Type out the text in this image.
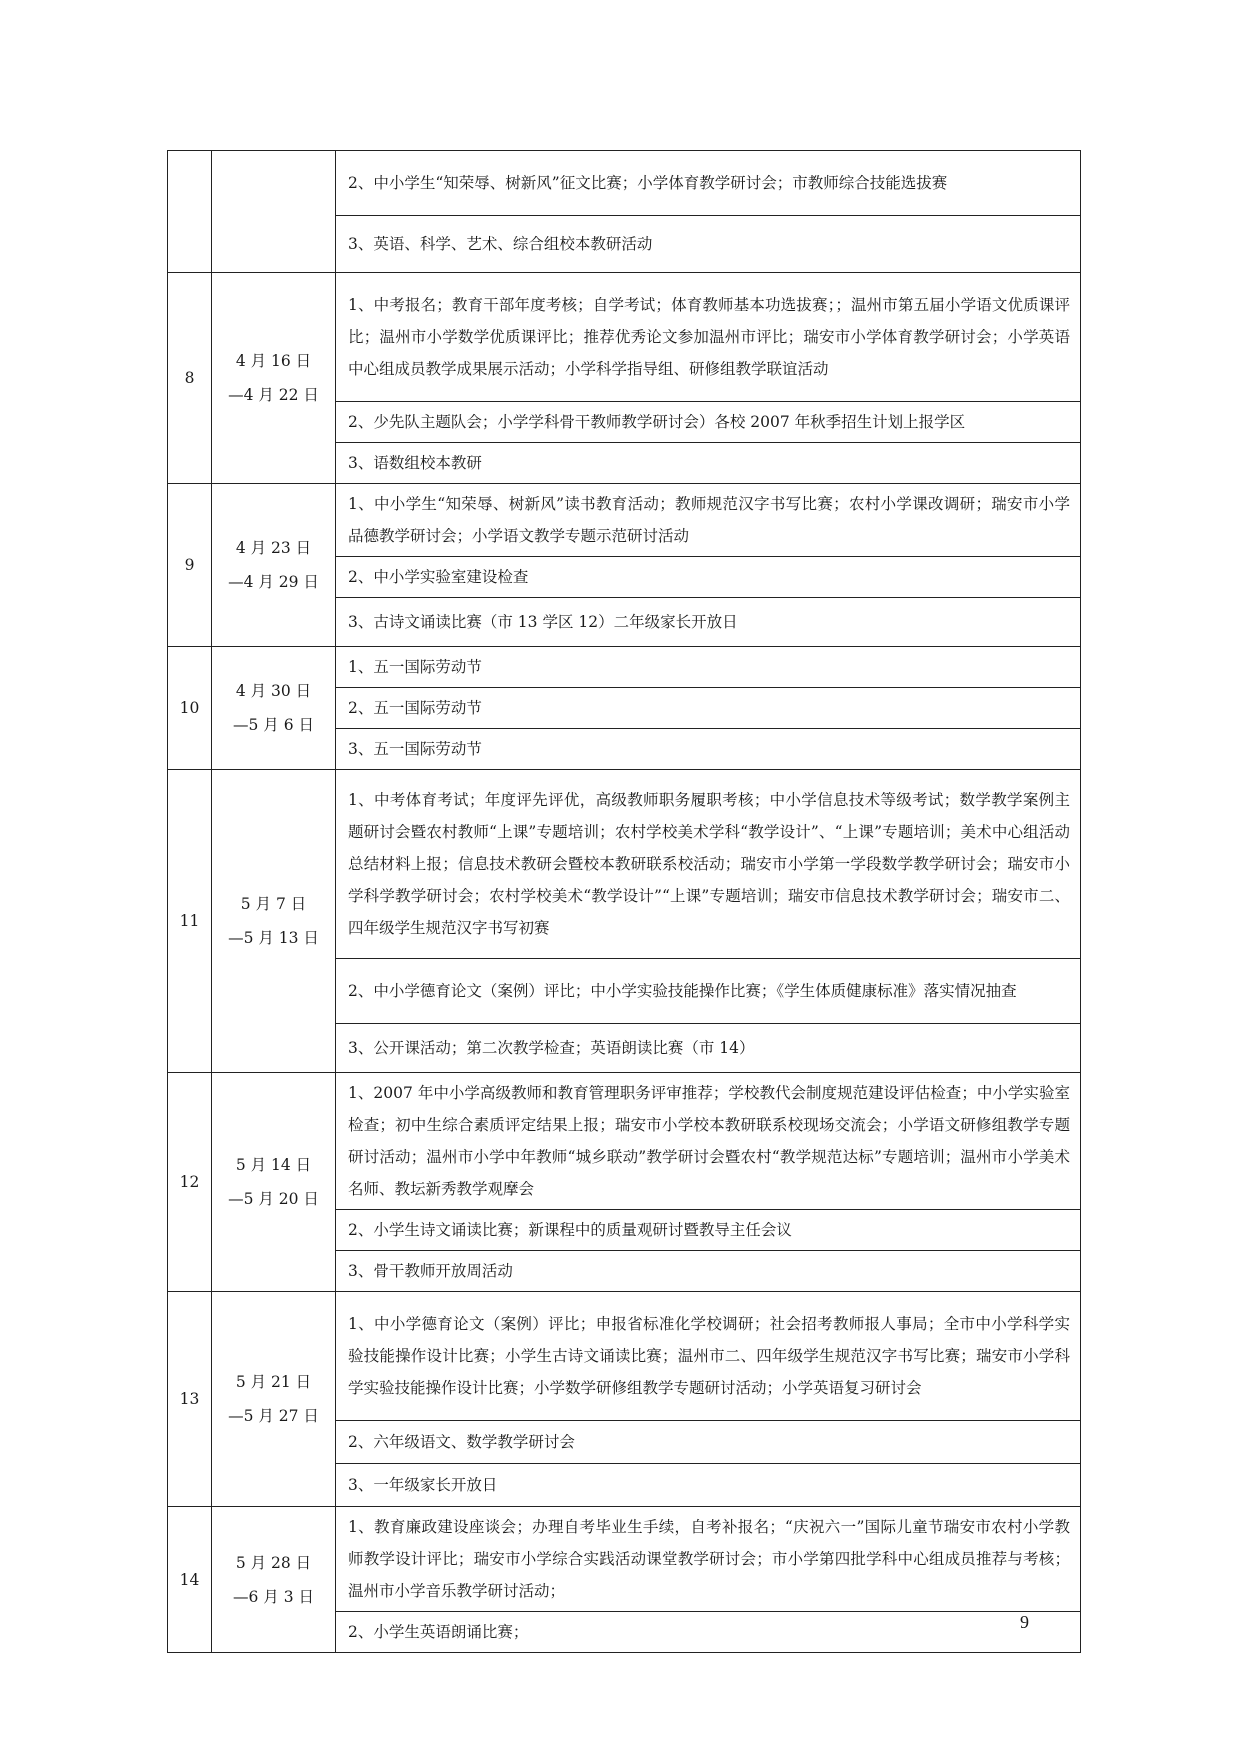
	2、中小学生“知荣辱、树新风”征文比赛；小学体育教学研讨会；市教师综合技能选拔赛
		3、英语、科学、艺术、综合组校本教研活动
8	4 月 16 日
—4 月 22 日	1、中考报名；教育干部年度考核；自学考试；体育教师基本功选拔赛；；温州市第五届小学语文优质课评比；温州市小学数学优质课评比；推荐优秀论文参加温州市评比；瑞安市小学体育教学研讨会；小学英语中心组成员教学成果展示活动；小学科学指导组、研修组教学联谊活动
		2、少先队主题队会；小学学科骨干教师教学研讨会）各校 2007 年秋季招生计划上报学区
		3、语数组校本教研
9	4 月 23 日
—4 月 29 日	1、中小学生“知荣辱、树新风”读书教育活动；教师规范汉字书写比赛；农村小学课改调研；瑞安市小学品德教学研讨会；小学语文教学专题示范研讨活动
		2、中小学实验室建设检查
		3、古诗文诵读比赛（市 13 学区 12）二年级家长开放日
10	4 月 30 日
—5 月 6 日	1、五一国际劳动节
		2、五一国际劳动节
		3、五一国际劳动节
11	5 月 7 日
—5 月 13 日	1、中考体育考试；年度评先评优，高级教师职务履职考核；中小学信息技术等级考试；数学教学案例主题研讨会暨农村教师“上课”专题培训；农村学校美术学科“教学设计”、“上课”专题培训；美术中心组活动总结材料上报；信息技术教研会暨校本教研联系校活动；瑞安市小学第一学段数学教学研讨会；瑞安市小学科学教学研讨会；农村学校美术“教学设计”“上课”专题培训；瑞安市信息技术教学研讨会；瑞安市二、四年级学生规范汉字书写初赛
		2、中小学德育论文（案例）评比；中小学实验技能操作比赛；《学生体质健康标准》落实情况抽查
		3、公开课活动；第二次教学检查；英语朗读比赛（市 14）
12	5 月 14 日
—5 月 20 日	1、2007 年中小学高级教师和教育管理职务评审推荐；学校教代会制度规范建设评估检查；中小学实验室检查；初中生综合素质评定结果上报；瑞安市小学校本教研联系校现场交流会；小学语文研修组教学专题研讨活动；温州市小学中年教师“城乡联动”教学研讨会暨农村“教学规范达标”专题培训；温州市小学美术名师、教坛新秀教学观摩会
		2、小学生诗文诵读比赛；新课程中的质量观研讨暨教导主任会议
		3、骨干教师开放周活动
13	5 月 21 日
—5 月 27 日	1、中小学德育论文（案例）评比；申报省标准化学校调研；社会招考教师报人事局；全市中小学科学实验技能操作设计比赛；小学生古诗文诵读比赛；温州市二、四年级学生规范汉字书写比赛；瑞安市小学科学实验技能操作设计比赛；小学数学研修组教学专题研讨活动；小学英语复习研讨会
		2、六年级语文、数学教学研讨会
		3、一年级家长开放日
14	5 月 28 日
—6 月 3 日	1、教育廉政建设座谈会；办理自考毕业生手续，自考补报名；“庆祝六一”国际儿童节瑞安市农村小学教师教学设计评比；瑞安市小学综合实践活动课堂教学研讨会；市小学第四批学科中心组成员推荐与考核；温州市小学音乐教学研讨活动；
		2、小学生英语朗诵比赛；	9
